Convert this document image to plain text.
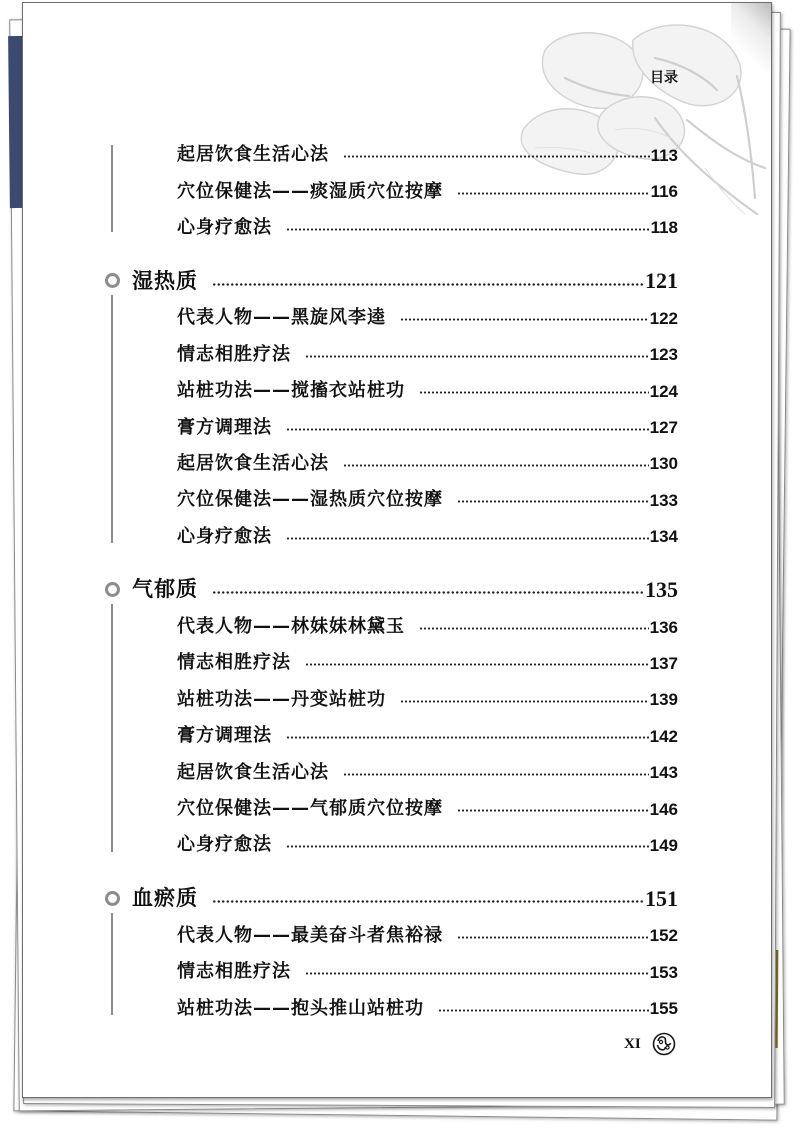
目录
起居饮食生活心法	113
穴位保健法——痰湿质穴位按摩	116
心身疗愈法	118
湿热质	121
代表人物——黑旋风李逵	122
情志相胜疗法	123
站桩功法——搅搐衣站桩功	124
膏方调理法	127
起居饮食生活心法	130
穴位保健法——湿热质穴位按摩	133
心身疗愈法	134
气郁质	135
代表人物——林妹妹林黛玉	136
情志相胜疗法	137
站桩功法——丹变站桩功	139
膏方调理法	142
起居饮食生活心法	143
穴位保健法——气郁质穴位按摩	146
心身疗愈法	149
血瘀质	151
代表人物——最美奋斗者焦裕禄	152
情志相胜疗法	153
站桩功法——抱头推山站桩功	155
XI
